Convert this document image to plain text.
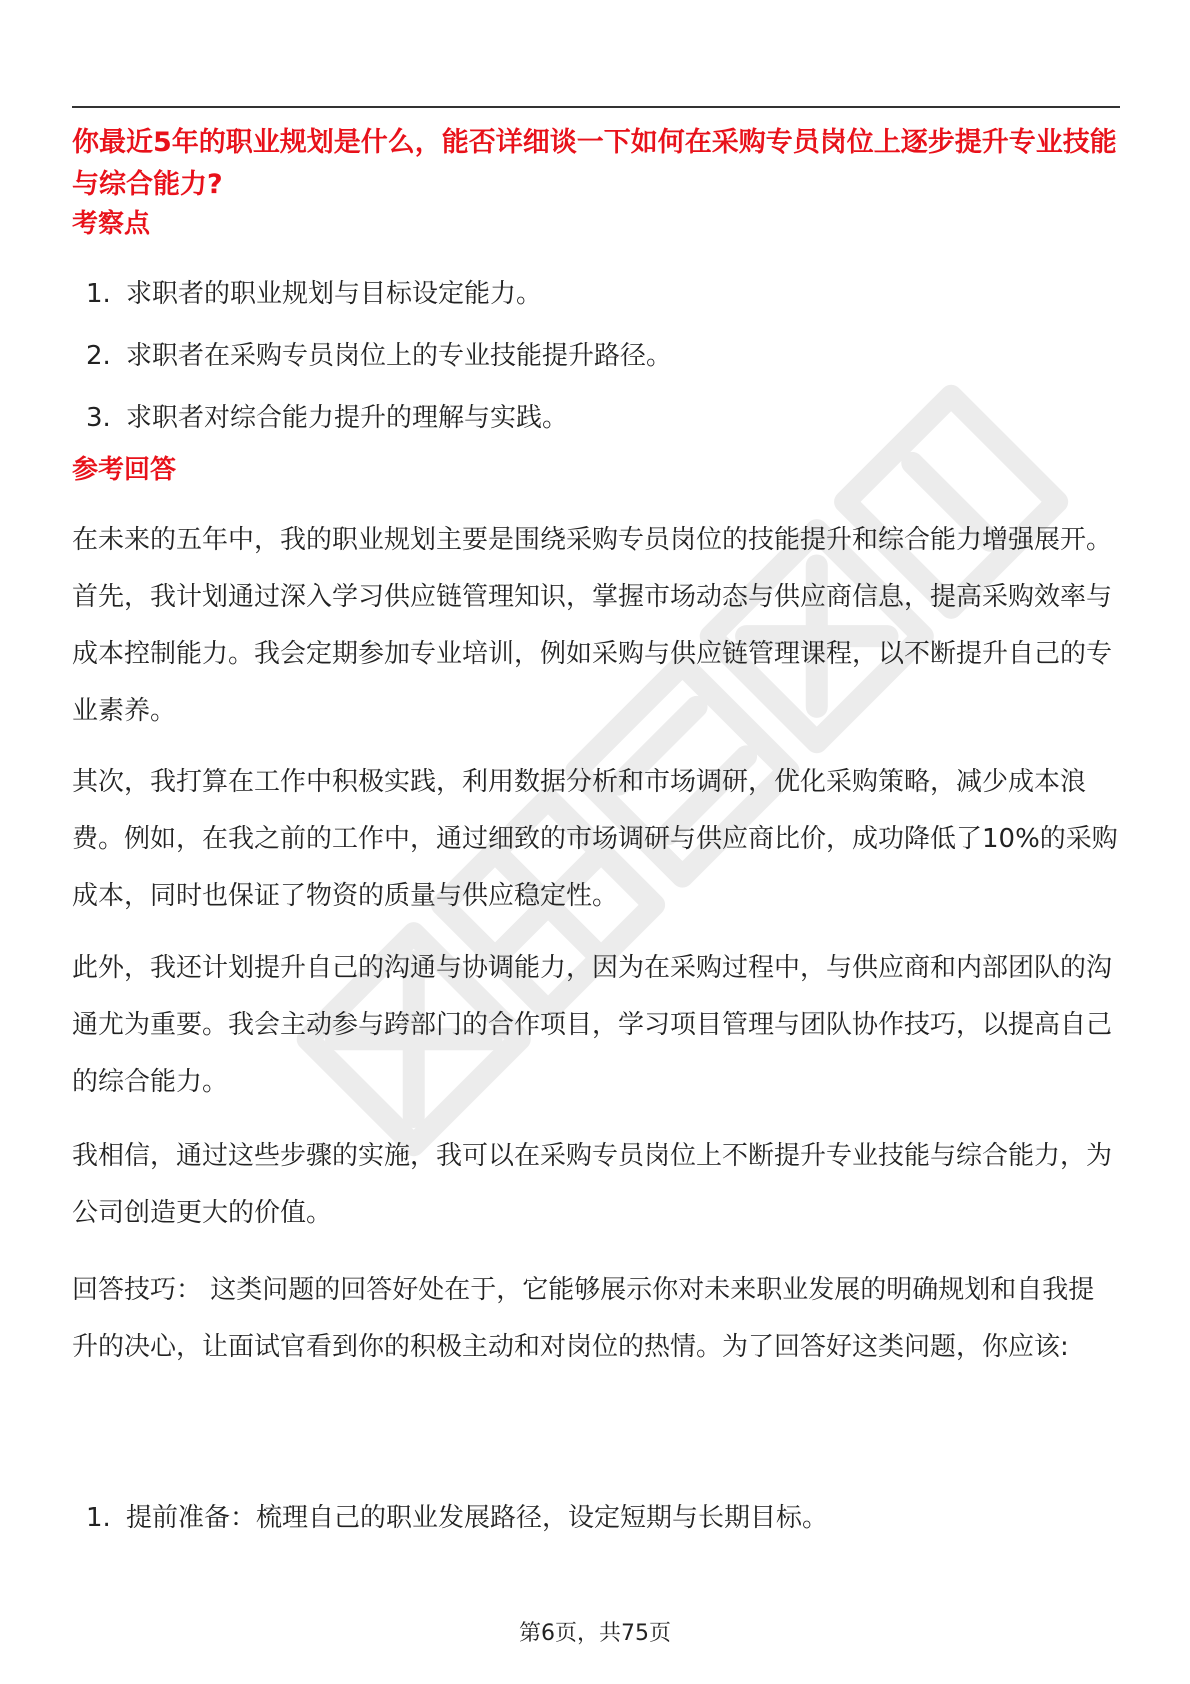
你最近5年的职业规划是什么，能否详细谈一下如何在采购专员岗位上逐步提升专业技能与综合能力?
考察点
1. 求职者的职业规划与目标设定能力。
2. 求职者在采购专员岗位上的专业技能提升路径。
3. 求职者对综合能力提升的理解与实践。
参考回答

在未来的五年中，我的职业规划主要是围绕采购专员岗位的技能提升和综合能力增强展开。首先，我计划通过深入学习供应链管理知识，掌握市场动态与供应商信息，提高采购效率与成本控制能力。我会定期参加专业培训，例如采购与供应链管理课程，以不断提升自己的专业素养。

其次，我打算在工作中积极实践，利用数据分析和市场调研，优化采购策略，减少成本浪费。例如，在我之前的工作中，通过细致的市场调研与供应商比价，成功降低了10%的采购成本，同时也保证了物资的质量与供应稳定性。

此外，我还计划提升自己的沟通与协调能力，因为在采购过程中，与供应商和内部团队的沟通尤为重要。我会主动参与跨部门的合作项目，学习项目管理与团队协作技巧，以提高自己的综合能力。

我相信，通过这些步骤的实施，我可以在采购专员岗位上不断提升专业技能与综合能力，为公司创造更大的价值。

回答技巧： 这类问题的回答好处在于，它能够展示你对未来职业发展的明确规划和自我提升的决心，让面试官看到你的积极主动和对岗位的热情。为了回答好这类问题，你应该:

1. 提前准备：梳理自己的职业发展路径，设定短期与长期目标。
第6页，共75页
